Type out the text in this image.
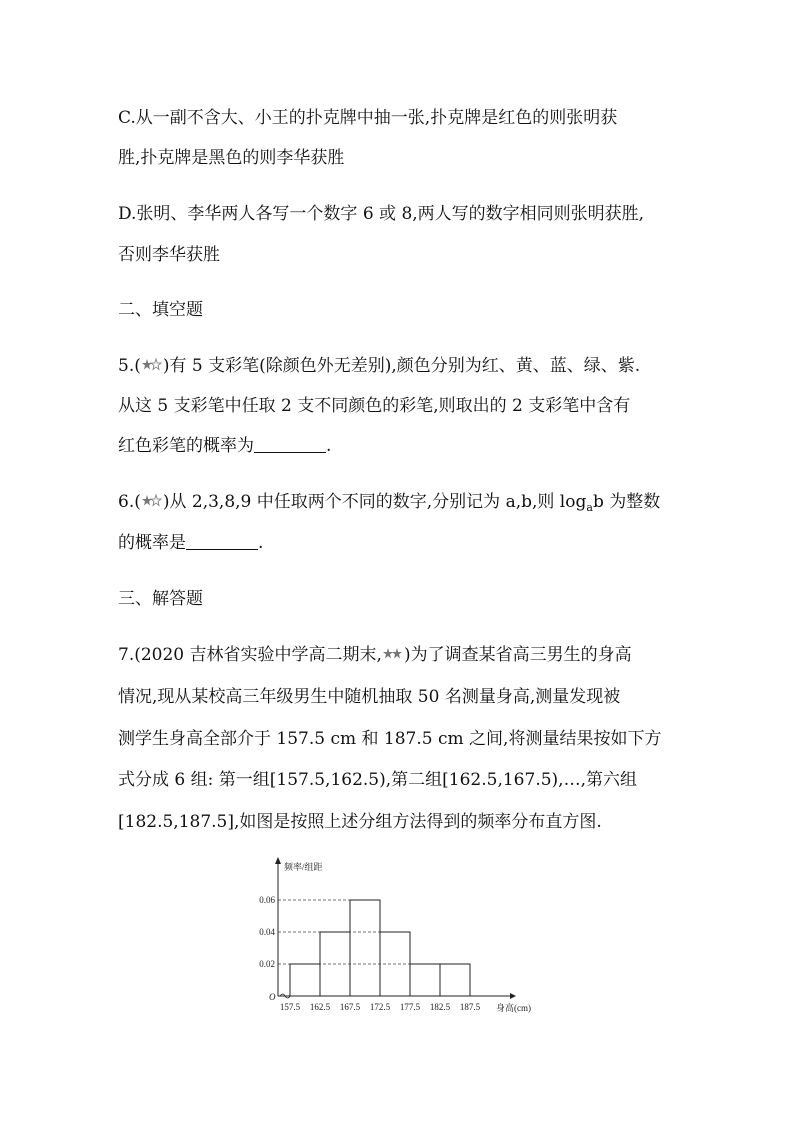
C.从一副不含大、小王的扑克牌中抽一张,扑克牌是红色的则张明获
胜,扑克牌是黑色的则李华获胜
D.张明、李华两人各写一个数字 6 或 8,两人写的数字相同则张明获胜,
否则李华获胜
二、填空题
5.( )有 5 支彩笔(除颜色外无差别),颜色分别为红、黄、蓝、绿、紫.
从这 5 支彩笔中任取 2 支不同颜色的彩笔,则取出的 2 支彩笔中含有
红色彩笔的概率为	.
6.( )从 2,3,8,9 中任取两个不同的数字,分别记为 a,b,则 $\log_ab$ 为整数
的概率是	.
三、解答题
7.(2020 吉林省实验中学高二期末, )为了调查某省高三男生的身高
情况,现从某校高三年级男生中随机抽取 50 名测量身高,测量发现被
测学生身高全部介于 157.5 cm 和 187.5 cm 之间,将测量结果按如下方
式分成 6 组: 第一组[157.5,162.5),第二组[162.5,167.5),…,第六组
[182.5,187.5],如图是按照上述分组方法得到的频率分布直方图.
频率/组距
身高(cm)
O
0.06
0.04
0.02
157.5 162.5 167.5 172.5 177.5 182.5 187.5
